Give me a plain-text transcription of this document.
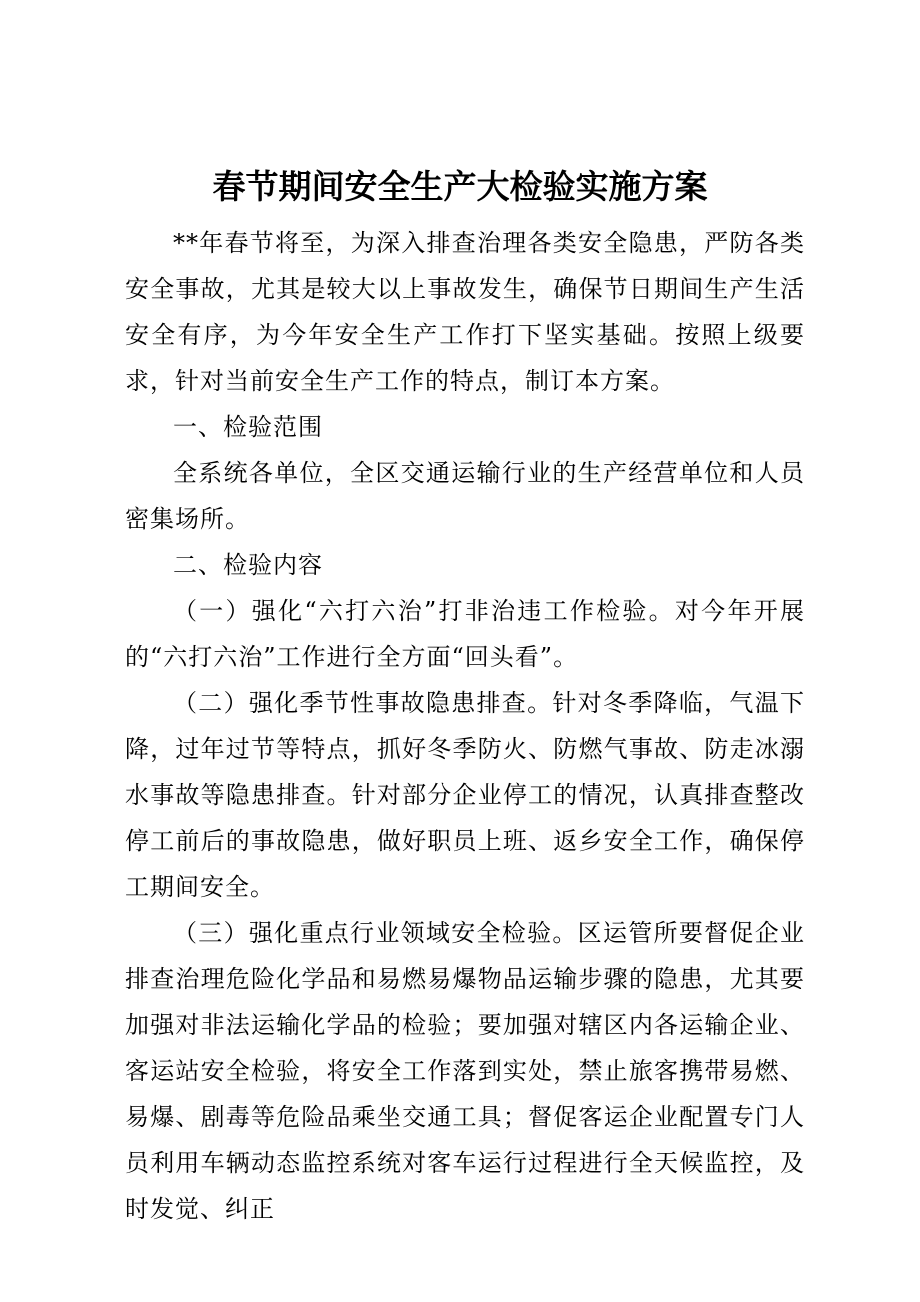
春节期间安全生产大检验实施方案

**年春节将至，为深入排查治理各类安全隐患，严防各类安全事故，尤其是较大以上事故发生，确保节日期间生产生活安全有序，为今年安全生产工作打下坚实基础。按照上级要求，针对当前安全生产工作的特点，制订本方案。

一、检验范围

全系统各单位，全区交通运输行业的生产经营单位和人员密集场所。

二、检验内容

（一）强化“六打六治”打非治违工作检验。对今年开展的“六打六治”工作进行全方面“回头看”。

（二）强化季节性事故隐患排查。针对冬季降临，气温下降，过年过节等特点，抓好冬季防火、防燃气事故、防走冰溺水事故等隐患排查。针对部分企业停工的情况，认真排查整改停工前后的事故隐患，做好职员上班、返乡安全工作，确保停工期间安全。

（三）强化重点行业领域安全检验。区运管所要督促企业排查治理危险化学品和易燃易爆物品运输步骤的隐患，尤其要加强对非法运输化学品的检验；要加强对辖区内各运输企业、客运站安全检验，将安全工作落到实处，禁止旅客携带易燃、易爆、剧毒等危险品乘坐交通工具；督促客运企业配置专门人员利用车辆动态监控系统对客车运行过程进行全天候监控，及时发觉、纠正
